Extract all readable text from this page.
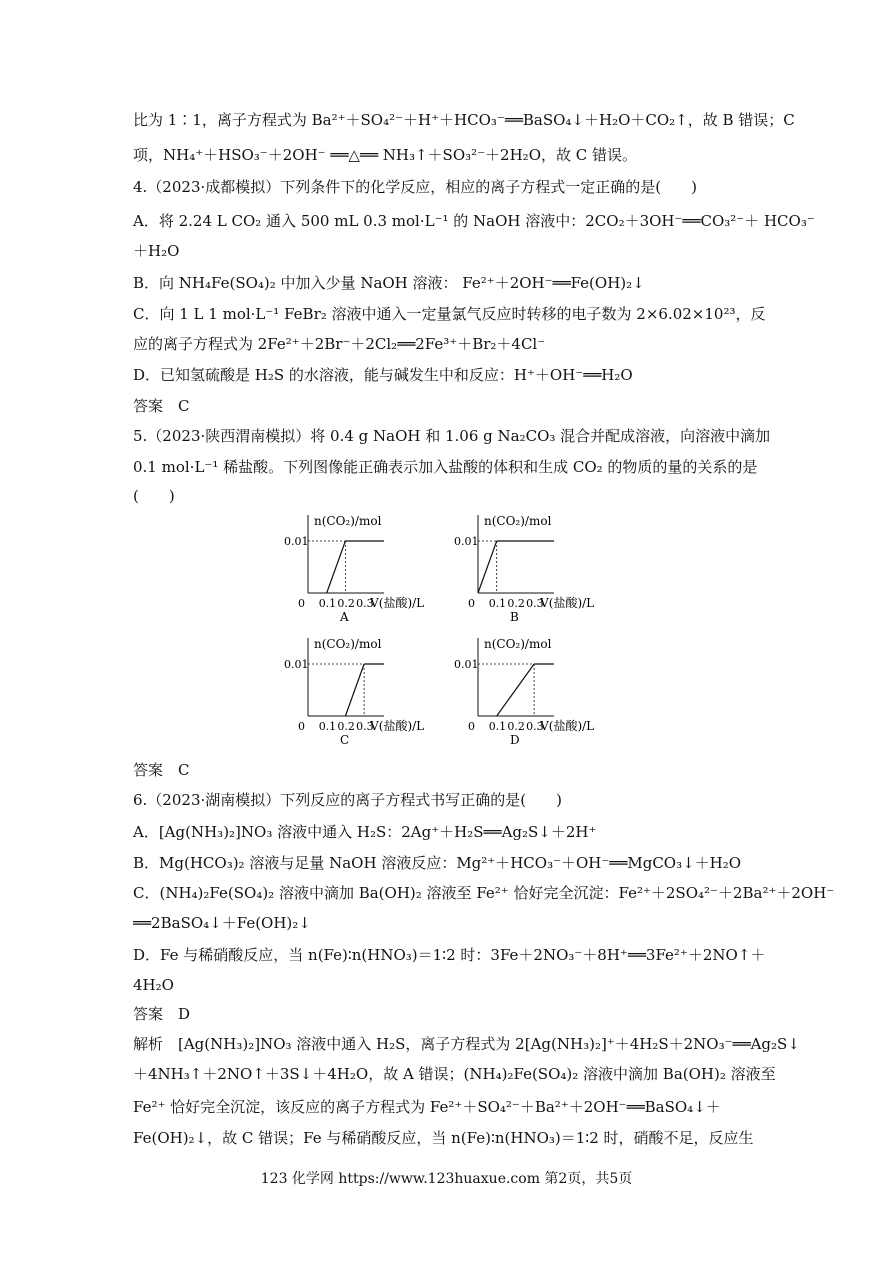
比为 1∶1，离子方程式为 Ba²⁺＋SO₄²⁻＋H⁺＋HCO₃⁻══BaSO₄↓＋H₂O＋CO₂↑，故 B 错误；C
项，NH₄⁺＋HSO₃⁻＋2OH⁻ ══△══ NH₃↑＋SO₃²⁻＋2H₂O，故 C 错误。
4.（2023·成都模拟）下列条件下的化学反应，相应的离子方程式一定正确的是(　　)
A．将 2.24 L CO₂ 通入 500 mL 0.3 mol·L⁻¹ 的 NaOH 溶液中：2CO₂＋3OH⁻══CO₃²⁻＋ HCO₃⁻
＋H₂O
B．向 NH₄Fe(SO₄)₂ 中加入少量 NaOH 溶液： Fe²⁺＋2OH⁻══Fe(OH)₂↓
C．向 1 L 1 mol·L⁻¹ FeBr₂ 溶液中通入一定量氯气反应时转移的电子数为 2×6.02×10²³，反
应的离子方程式为 2Fe²⁺＋2Br⁻＋2Cl₂══2Fe³⁺＋Br₂＋4Cl⁻
D．已知氢硫酸是 H₂S 的水溶液，能与碱发生中和反应：H⁺＋OH⁻══H₂O
答案　C
5.（2023·陕西渭南模拟）将 0.4 g NaOH 和 1.06 g Na₂CO₃ 混合并配成溶液，向溶液中滴加
0.1 mol·L⁻¹ 稀盐酸。下列图像能正确表示加入盐酸的体积和生成 CO₂ 的物质的量的关系的是
(　　)
答案　C
6.（2023·湖南模拟）下列反应的离子方程式书写正确的是(　　)
A．[Ag(NH₃)₂]NO₃ 溶液中通入 H₂S：2Ag⁺＋H₂S══Ag₂S↓＋2H⁺
B．Mg(HCO₃)₂ 溶液与足量 NaOH 溶液反应：Mg²⁺＋HCO₃⁻＋OH⁻══MgCO₃↓＋H₂O
C．(NH₄)₂Fe(SO₄)₂ 溶液中滴加 Ba(OH)₂ 溶液至 Fe²⁺ 恰好完全沉淀：Fe²⁺＋2SO₄²⁻＋2Ba²⁺＋2OH⁻
══2BaSO₄↓＋Fe(OH)₂↓
D．Fe 与稀硝酸反应，当 n(Fe)∶n(HNO₃)＝1∶2 时：3Fe＋2NO₃⁻＋8H⁺══3Fe²⁺＋2NO↑＋
4H₂O
答案　D
解析　[Ag(NH₃)₂]NO₃ 溶液中通入 H₂S，离子方程式为 2[Ag(NH₃)₂]⁺＋4H₂S＋2NO₃⁻══Ag₂S↓
＋4NH₃↑＋2NO↑＋3S↓＋4H₂O，故 A 错误；(NH₄)₂Fe(SO₄)₂ 溶液中滴加 Ba(OH)₂ 溶液至
Fe²⁺ 恰好完全沉淀，该反应的离子方程式为 Fe²⁺＋SO₄²⁻＋Ba²⁺＋2OH⁻══BaSO₄↓＋
Fe(OH)₂↓，故 C 错误；Fe 与稀硝酸反应，当 n(Fe)∶n(HNO₃)＝1∶2 时，硝酸不足，反应生
n(CO₂)/mol
0.01
0 0.1 0.2 0.3
V(盐酸)/L
A
n(CO₂)/mol
0.01
0 0.1 0.2 0.3
V(盐酸)/L
B
n(CO₂)/mol
0.01
0 0.1 0.2 0.3
V(盐酸)/L
C
n(CO₂)/mol
0.01
0 0.1 0.2 0.3
V(盐酸)/L
D
123 化学网 https://www.123huaxue.com 第2页，共5页
